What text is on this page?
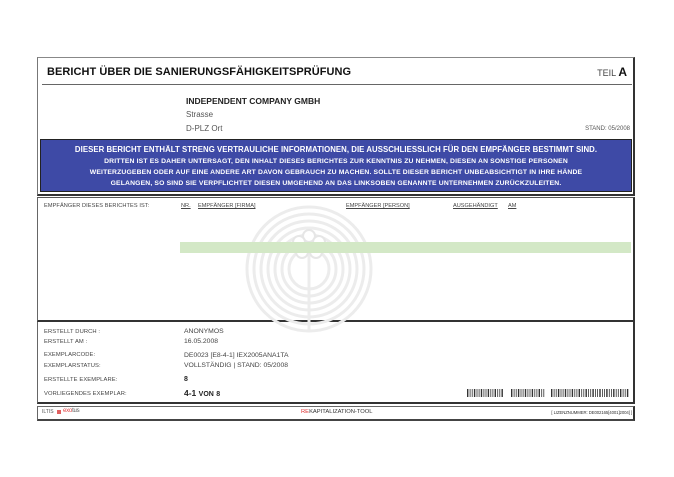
BERICHT ÜBER DIE SANIERUNGSFÄHIGKEITSPRÜFUNG	TEIL A
INDEPENDENT COMPANY GMBH
Strasse
D-PLZ Ort	STAND: 05/2008
DIESER BERICHT ENTHÄLT STRENG VERTRAULICHE INFORMATIONEN, DIE AUSSCHLIESSLICH FÜR DEN EMPFÄNGER BESTIMMT SIND.
DRITTEN IST ES DAHER UNTERSAGT, DEN INHALT DIESES BERICHTES ZUR KENNTNIS ZU NEHMEN, DIESEN AN SONSTIGE PERSONEN
WEITERZUGEBEN ODER AUF EINE ANDERE ART DAVON GEBRAUCH ZU MACHEN. SOLLTE DIESER BERICHT UNBEABSICHTIGT IN IHRE HÄNDE
GELANGEN, SO SIND SIE VERPFLICHTET DIESEN UMGEHEND AN DAS LINKSOBEN GENANNTE UNTERNEHMEN ZURÜCKZULEITEN.
EMPFÄNGER DIESES BERICHTES IST:	NR. EMPFÄNGER [FIRMA]	EMPFÄNGER [PERSON]	AUSGEHÄNDIGT AM
ERSTELLT DURCH :	ANONYMOS
ERSTELLT AM :	16.05.2008
EXEMPLARCODE:	DE0023 [E8-4-1] IEX2005ANA1TA
EXEMPLARSTATUS:	VOLLSTÄNDIG | STAND: 05/2008
ERSTELLTE EXEMPLARE:	8
VORLIEGENDES EXEMPLAR:	4-1 VON 8
ILTIS exotus	REKAPITALIZATION-TOOL	[ LIZENZNUMMER: DE002165[4001]2004] ]
